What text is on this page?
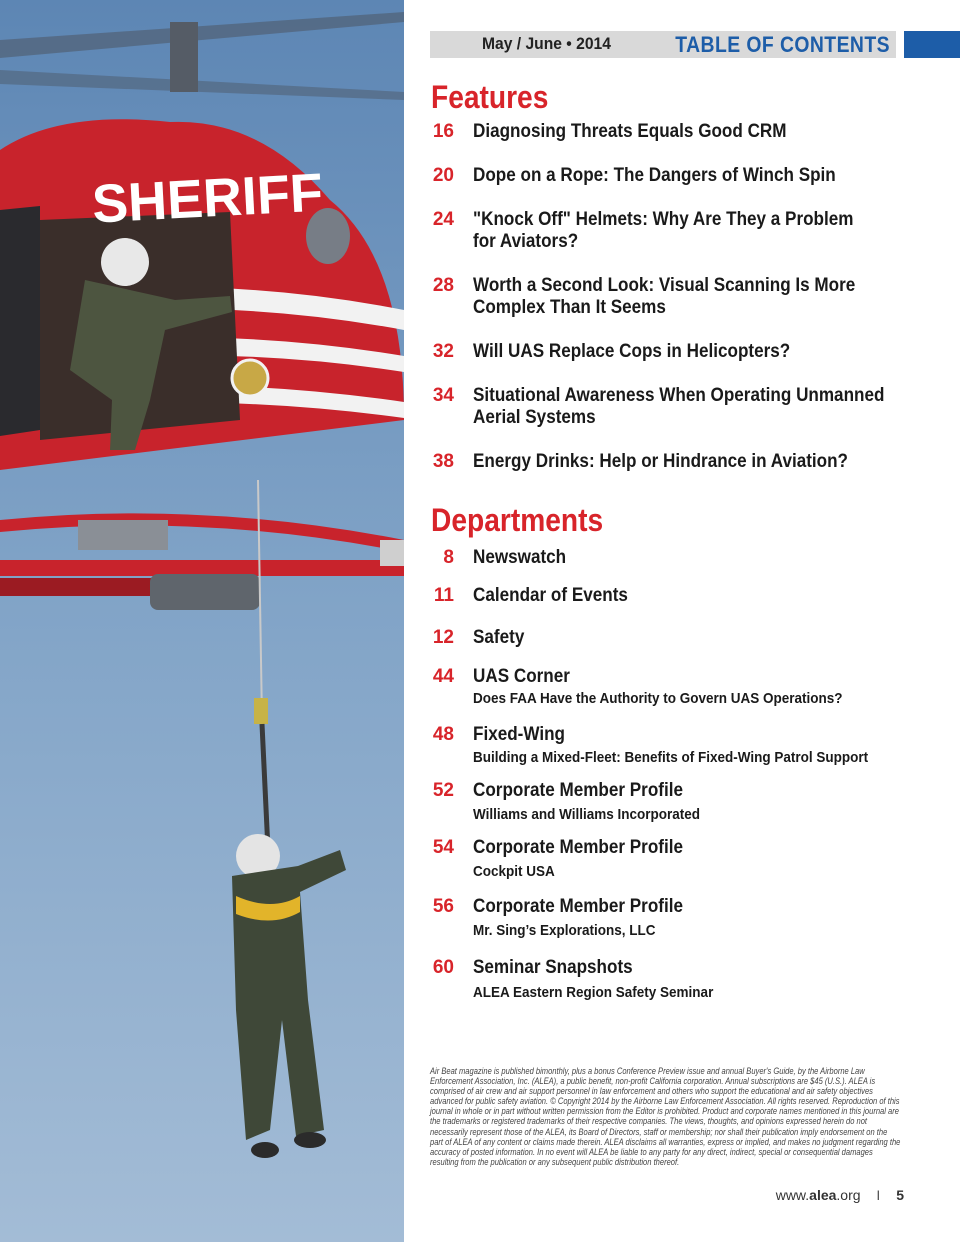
SHERIFF
May / June • 2014	TABLE OF CONTENTS
Features
16 Diagnosing Threats Equals Good CRM
20 Dope on a Rope: The Dangers of Winch Spin
24 "Knock Off" Helmets: Why Are They a Problem
for Aviators?
28 Worth a Second Look: Visual Scanning Is More
Complex Than It Seems
32 Will UAS Replace Cops in Helicopters?
34 Situational Awareness When Operating Unmanned
Aerial Systems
38 Energy Drinks: Help or Hindrance in Aviation?
Departments
8 Newswatch
11 Calendar of Events
12 Safety
44 UAS Corner
Does FAA Have the Authority to Govern UAS Operations?
48 Fixed-Wing
Building a Mixed-Fleet: Benefits of Fixed-Wing Patrol Support
52 Corporate Member Profile
Williams and Williams Incorporated
54 Corporate Member Profile
Cockpit USA
56 Corporate Member Profile
Mr. Sing’s Explorations, LLC
60 Seminar Snapshots
ALEA Eastern Region Safety Seminar

Air Beat magazine is published bimonthly, plus a bonus Conference Preview issue and annual Buyer's Guide, by the Airborne Law Enforcement Association, Inc. (ALEA), a public benefit, non-profit California corporation. Annual subscriptions are $45 (U.S.). ALEA is comprised of air crew and air support personnel in law enforcement and others who support the educational and air safety objectives advanced for public safety aviation. © Copyright 2014 by the Airborne Law Enforcement Association. All rights reserved. Reproduction of this journal in whole or in part without written permission from the Editor is prohibited. Product and corporate names mentioned in this journal are the trademarks or registered trademarks of their respective companies. The views, thoughts, and opinions expressed herein do not necessarily represent those of the ALEA, its Board of Directors, staff or membership; nor shall their publication imply endorsement on the part of ALEA of any content or claims made therein. ALEA disclaims all warranties, express or implied, and makes no judgment regarding the accuracy of posted information. In no event will ALEA be liable to any party for any direct, indirect, special or consequential damages resulting from the publication or any subsequent public distribution thereof.

www.alea.org I 5
